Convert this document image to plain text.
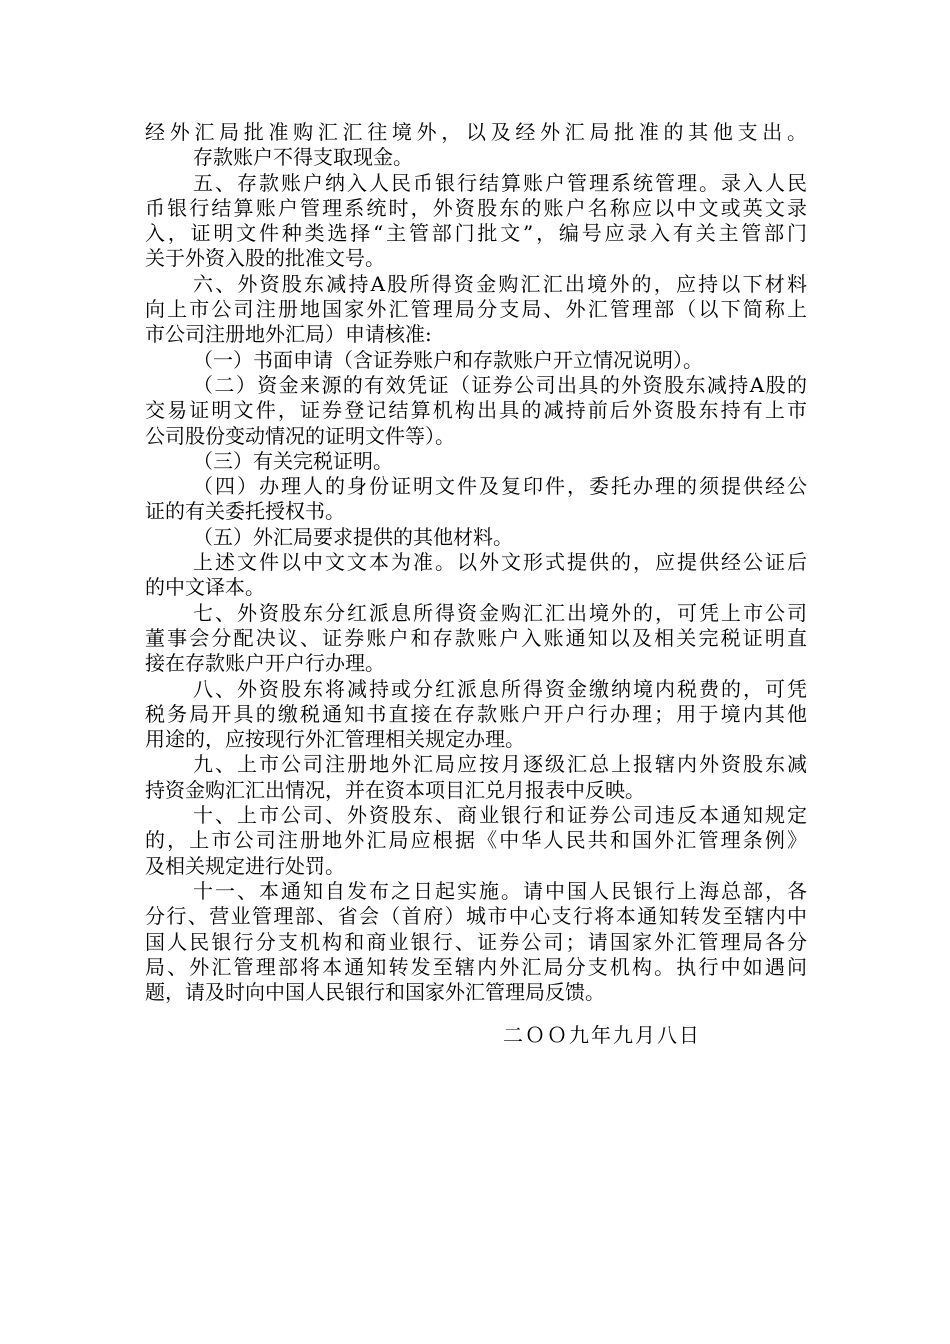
经外汇局批准购汇汇往境外，以及经外汇局批准的其他支出。
存款账户不得支取现金。
五、存款账户纳入人民币银行结算账户管理系统管理。录入人民
币银行结算账户管理系统时，外资股东的账户名称应以中文或英文录
入，证明文件种类选择“主管部门批文”，编号应录入有关主管部门
关于外资入股的批准文号。
六、外资股东减持A股所得资金购汇汇出境外的，应持以下材料
向上市公司注册地国家外汇管理局分支局、外汇管理部（以下简称上
市公司注册地外汇局）申请核准:
（一）书面申请（含证券账户和存款账户开立情况说明）。
（二）资金来源的有效凭证（证券公司出具的外资股东减持A股的
交易证明文件，证券登记结算机构出具的减持前后外资股东持有上市
公司股份变动情况的证明文件等）。
（三）有关完税证明。
（四）办理人的身份证明文件及复印件，委托办理的须提供经公
证的有关委托授权书。
（五）外汇局要求提供的其他材料。
上述文件以中文文本为准。以外文形式提供的，应提供经公证后
的中文译本。
七、外资股东分红派息所得资金购汇汇出境外的，可凭上市公司
董事会分配决议、证券账户和存款账户入账通知以及相关完税证明直
接在存款账户开户行办理。
八、外资股东将减持或分红派息所得资金缴纳境内税费的，可凭
税务局开具的缴税通知书直接在存款账户开户行办理；用于境内其他
用途的，应按现行外汇管理相关规定办理。
九、上市公司注册地外汇局应按月逐级汇总上报辖内外资股东减
持资金购汇汇出情况，并在资本项目汇兑月报表中反映。
十、上市公司、外资股东、商业银行和证券公司违反本通知规定
的，上市公司注册地外汇局应根据《中华人民共和国外汇管理条例》
及相关规定进行处罚。
十一、本通知自发布之日起实施。请中国人民银行上海总部，各
分行、营业管理部、省会（首府）城市中心支行将本通知转发至辖内中
国人民银行分支机构和商业银行、证券公司；请国家外汇管理局各分
局、外汇管理部将本通知转发至辖内外汇局分支机构。执行中如遇问
题，请及时向中国人民银行和国家外汇管理局反馈。
二ＯＯ九年九月八日
